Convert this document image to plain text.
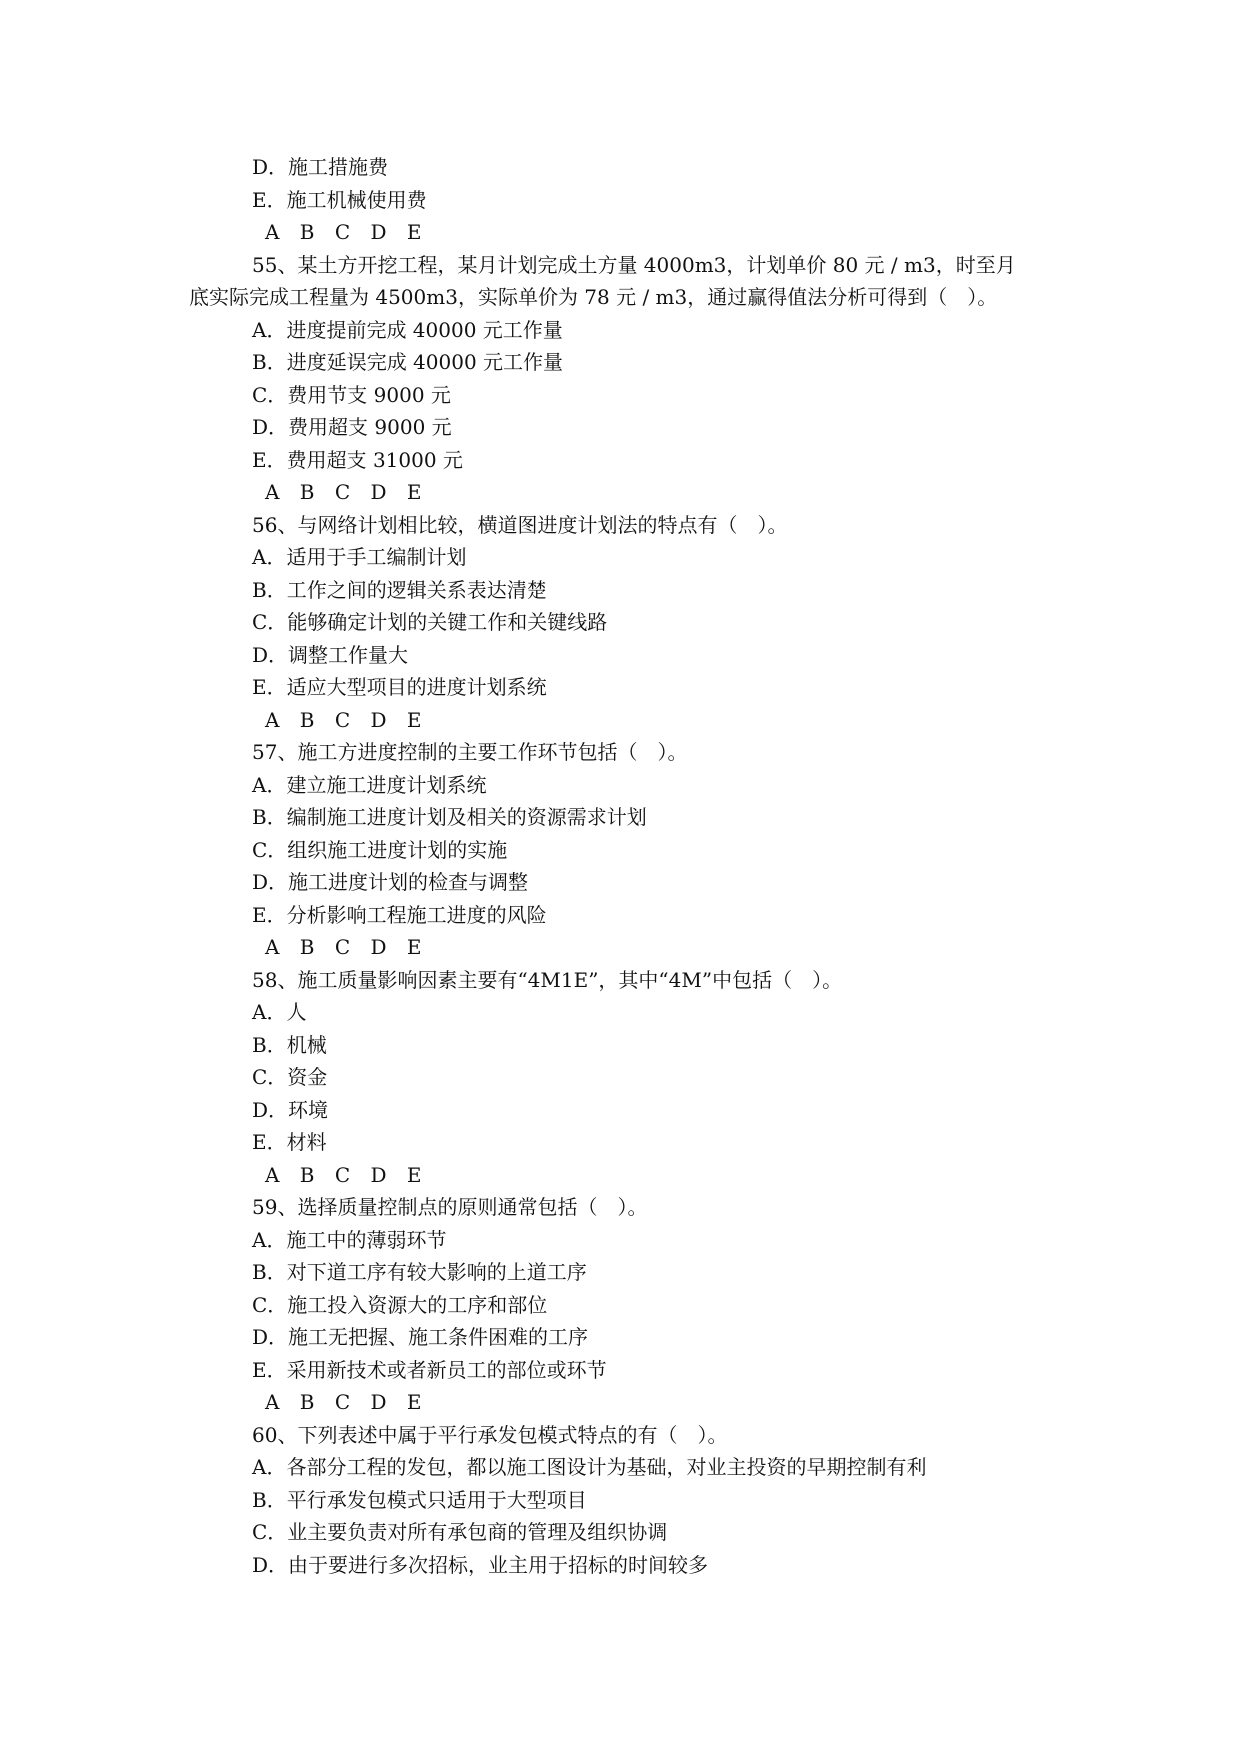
D．施工措施费
E．施工机械使用费
A B C D E
55、某土方开挖工程，某月计划完成土方量 4000m3，计划单价 80 元 / m3，时至月
底实际完成工程量为 4500m3，实际单价为 78 元 / m3，通过赢得值法分析可得到（　）。
A．进度提前完成 40000 元工作量
B．进度延误完成 40000 元工作量
C．费用节支 9000 元
D．费用超支 9000 元
E．费用超支 31000 元
A B C D E
56、与网络计划相比较，横道图进度计划法的特点有（　）。
A．适用于手工编制计划
B．工作之间的逻辑关系表达清楚
C．能够确定计划的关键工作和关键线路
D．调整工作量大
E．适应大型项目的进度计划系统
A B C D E
57、施工方进度控制的主要工作环节包括（　）。
A．建立施工进度计划系统
B．编制施工进度计划及相关的资源需求计划
C．组织施工进度计划的实施
D．施工进度计划的检查与调整
E．分析影响工程施工进度的风险
A B C D E
58、施工质量影响因素主要有“4M1E”，其中“4M”中包括（　）。
A．人
B．机械
C．资金
D．环境
E．材料
A B C D E
59、选择质量控制点的原则通常包括（　）。
A．施工中的薄弱环节
B．对下道工序有较大影响的上道工序
C．施工投入资源大的工序和部位
D．施工无把握、施工条件困难的工序
E．采用新技术或者新员工的部位或环节
A B C D E
60、下列表述中属于平行承发包模式特点的有（　）。
A．各部分工程的发包，都以施工图设计为基础，对业主投资的早期控制有利
B．平行承发包模式只适用于大型项目
C．业主要负责对所有承包商的管理及组织协调
D．由于要进行多次招标，业主用于招标的时间较多
